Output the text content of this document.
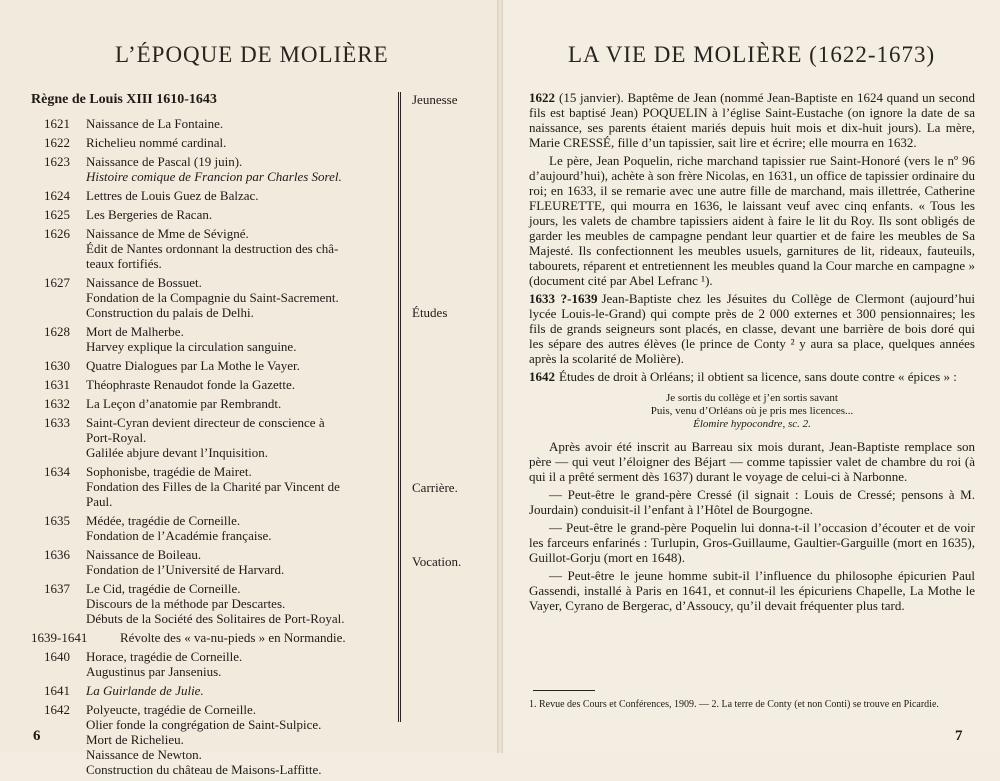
L’ÉPOQUE DE MOLIÈRE
Règne de Louis XIII 1610-1643	Jeunesse
Études
Carrière.
Vocation.
1621 Naissance de La Fontaine.
1622 Richelieu nommé cardinal.
1623 Naissance de Pascal (19 juin).
Histoire comique de Francion par Charles Sorel.
1624 Lettres de Louis Guez de Balzac.
1625 Les Bergeries de Racan.
1626 Naissance de Mme de Sévigné.
Édit de Nantes ordonnant la destruction des châ-
teaux fortifiés.
1627 Naissance de Bossuet.
Fondation de la Compagnie du Saint-Sacrement.
Construction du palais de Delhi.
1628 Mort de Malherbe.
Harvey explique la circulation sanguine.
1630 Quatre Dialogues par La Mothe le Vayer.
1631 Théophraste Renaudot fonde la Gazette.
1632 La Leçon d’anatomie par Rembrandt.
1633 Saint-Cyran devient directeur de conscience à
Port-Royal.
Galilée abjure devant l’Inquisition.
1634 Sophonisbe, tragédie de Mairet.
Fondation des Filles de la Charité par Vincent de
Paul.
1635 Médée, tragédie de Corneille.
Fondation de l’Académie française.
1636 Naissance de Boileau.
Fondation de l’Université de Harvard.
1637 Le Cid, tragédie de Corneille.
Discours de la méthode par Descartes.
Débuts de la Société des Solitaires de Port-Royal.
1639-1641	Révolte des « va-nu-pieds » en Normandie.
1640 Horace, tragédie de Corneille.
Augustinus par Jansenius.
1641 La Guirlande de Julie.
1642 Polyeucte, tragédie de Corneille.
Olier fonde la congrégation de Saint-Sulpice.
Mort de Richelieu.
Naissance de Newton.
Construction du château de Maisons-Laffitte.
6
LA VIE DE MOLIÈRE (1622-1673)

1622 (15 janvier). Baptême de Jean (nommé Jean-Baptiste en 1624 quand un second fils est baptisé Jean) POQUELIN à l’église Saint-Eustache (on ignore la date de sa naissance, ses parents étaient mariés depuis huit mois et dix-huit jours). La mère, Marie CRESSÉ, fille d’un tapissier, sait lire et écrire; elle mourra en 1632.

Le père, Jean Poquelin, riche marchand tapissier rue Saint-Honoré (vers le nº 96 d’aujourd’hui), achète à son frère Nicolas, en 1631, un office de tapissier ordinaire du roi; en 1633, il se remarie avec une autre fille de marchand, mais illettrée, Catherine FLEURETTE, qui mourra en 1636, le laissant veuf avec cinq enfants. « Tous les jours, les valets de chambre tapissiers aident à faire le lit du Roy. Ils sont obligés de garder les meubles de campagne pendant leur quartier et de faire les meubles de Sa Majesté. Ils confectionnent les meubles usuels, garnitures de lit, rideaux, fauteuils, tabourets, réparent et entretiennent les meubles quand la Cour marche en campagne » (document cité par Abel Lefranc ¹).

1633 ?-1639 Jean-Baptiste chez les Jésuites du Collège de Clermont (aujourd’hui lycée Louis-le-Grand) qui compte près de 2 000 externes et 300 pensionnaires; les fils de grands seigneurs sont placés, en classe, devant une barrière de bois doré qui les sépare des autres élèves (le prince de Conty ² y aura sa place, quelques années après la scolarité de Molière).

1642 Études de droit à Orléans; il obtient sa licence, sans doute contre « épices » :

Je sortis du collège et j’en sortis savant
Puis, venu d’Orléans où je pris mes licences...
Élomire hypocondre, sc. 2.

Après avoir été inscrit au Barreau six mois durant, Jean-Baptiste remplace son père — qui veut l’éloigner des Béjart — comme tapissier valet de chambre du roi (à qui il a prêté serment dès 1637) durant le voyage de celui-ci à Narbonne.

— Peut-être le grand-père Cressé (il signait : Louis de Cressé; pensons à M. Jourdain) conduisit-il l’enfant à l’Hôtel de Bourgogne.

— Peut-être le grand-père Poquelin lui donna-t-il l’occasion d’écouter et de voir les farceurs enfarinés : Turlupin, Gros-Guillaume, Gaultier-Garguille (mort en 1635), Guillot-Gorju (mort en 1648).

— Peut-être le jeune homme subit-il l’influence du philosophe épicurien Paul Gassendi, installé à Paris en 1641, et connut-il les épicuriens Chapelle, La Mothe le Vayer, Cyrano de Bergerac, d’Assoucy, qu’il devait fréquenter plus tard.

1. Revue des Cours et Conférences, 1909. — 2. La terre de Conty (et non Conti) se trouve en Picardie.
7
